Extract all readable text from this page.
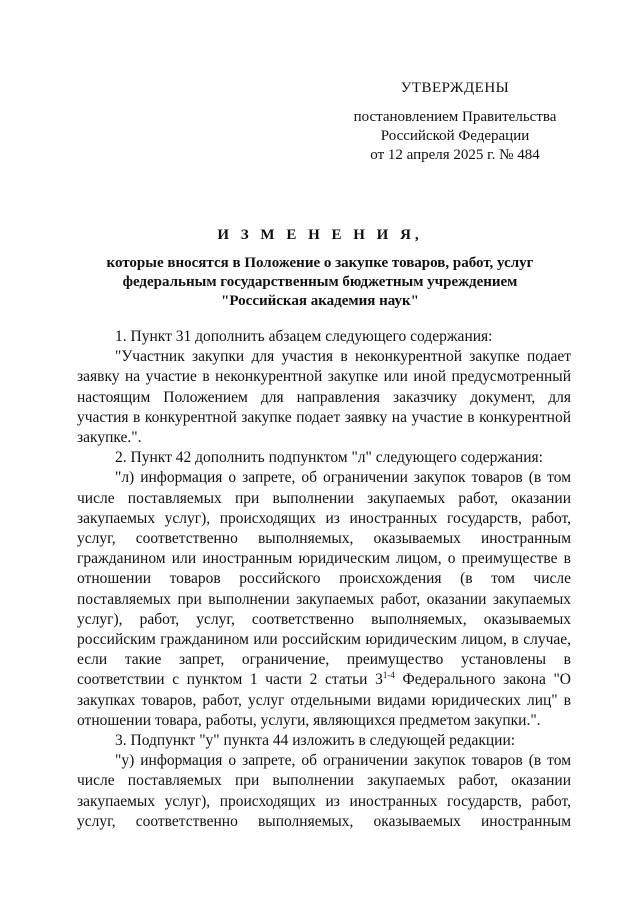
УТВЕРЖДЕНЫ
постановлением Правительства
Российской Федерации
от 12 апреля 2025 г. № 484
И З М Е Н Е Н И Я,
которые вносятся в Положение о закупке товаров, работ, услуг
федеральным государственным бюджетным учреждением
"Российская академия наук"

1. Пункт 31 дополнить абзацем следующего содержания:

"Участник закупки для участия в неконкурентной закупке подает заявку на участие в неконкурентной закупке или иной предусмотренный настоящим Положением для направления заказчику документ, для участия в конкурентной закупке подает заявку на участие в конкурентной закупке.".

2. Пункт 42 дополнить подпунктом "л" следующего содержания:

"л) информация о запрете, об ограничении закупок товаров (в том числе поставляемых при выполнении закупаемых работ, оказании закупаемых услуг), происходящих из иностранных государств, работ, услуг, соответственно выполняемых, оказываемых иностранным гражданином или иностранным юридическим лицом, о преимуществе в отношении товаров российского происхождения (в том числе поставляемых при выполнении закупаемых работ, оказании закупаемых услуг), работ, услуг, соответственно выполняемых, оказываемых российским гражданином или российским юридическим лицом, в случае, если такие запрет, ограничение, преимущество установлены в соответствии с пунктом 1 части 2 статьи 3$^{1-4}$ Федерального закона "О закупках товаров, работ, услуг отдельными видами юридических лиц" в отношении товара, работы, услуги, являющихся предметом закупки.".

3. Подпункт "у" пункта 44 изложить в следующей редакции:

"у) информация о запрете, об ограничении закупок товаров (в том числе поставляемых при выполнении закупаемых работ, оказании закупаемых услуг), происходящих из иностранных государств, работ, услуг, соответственно выполняемых, оказываемых иностранным
